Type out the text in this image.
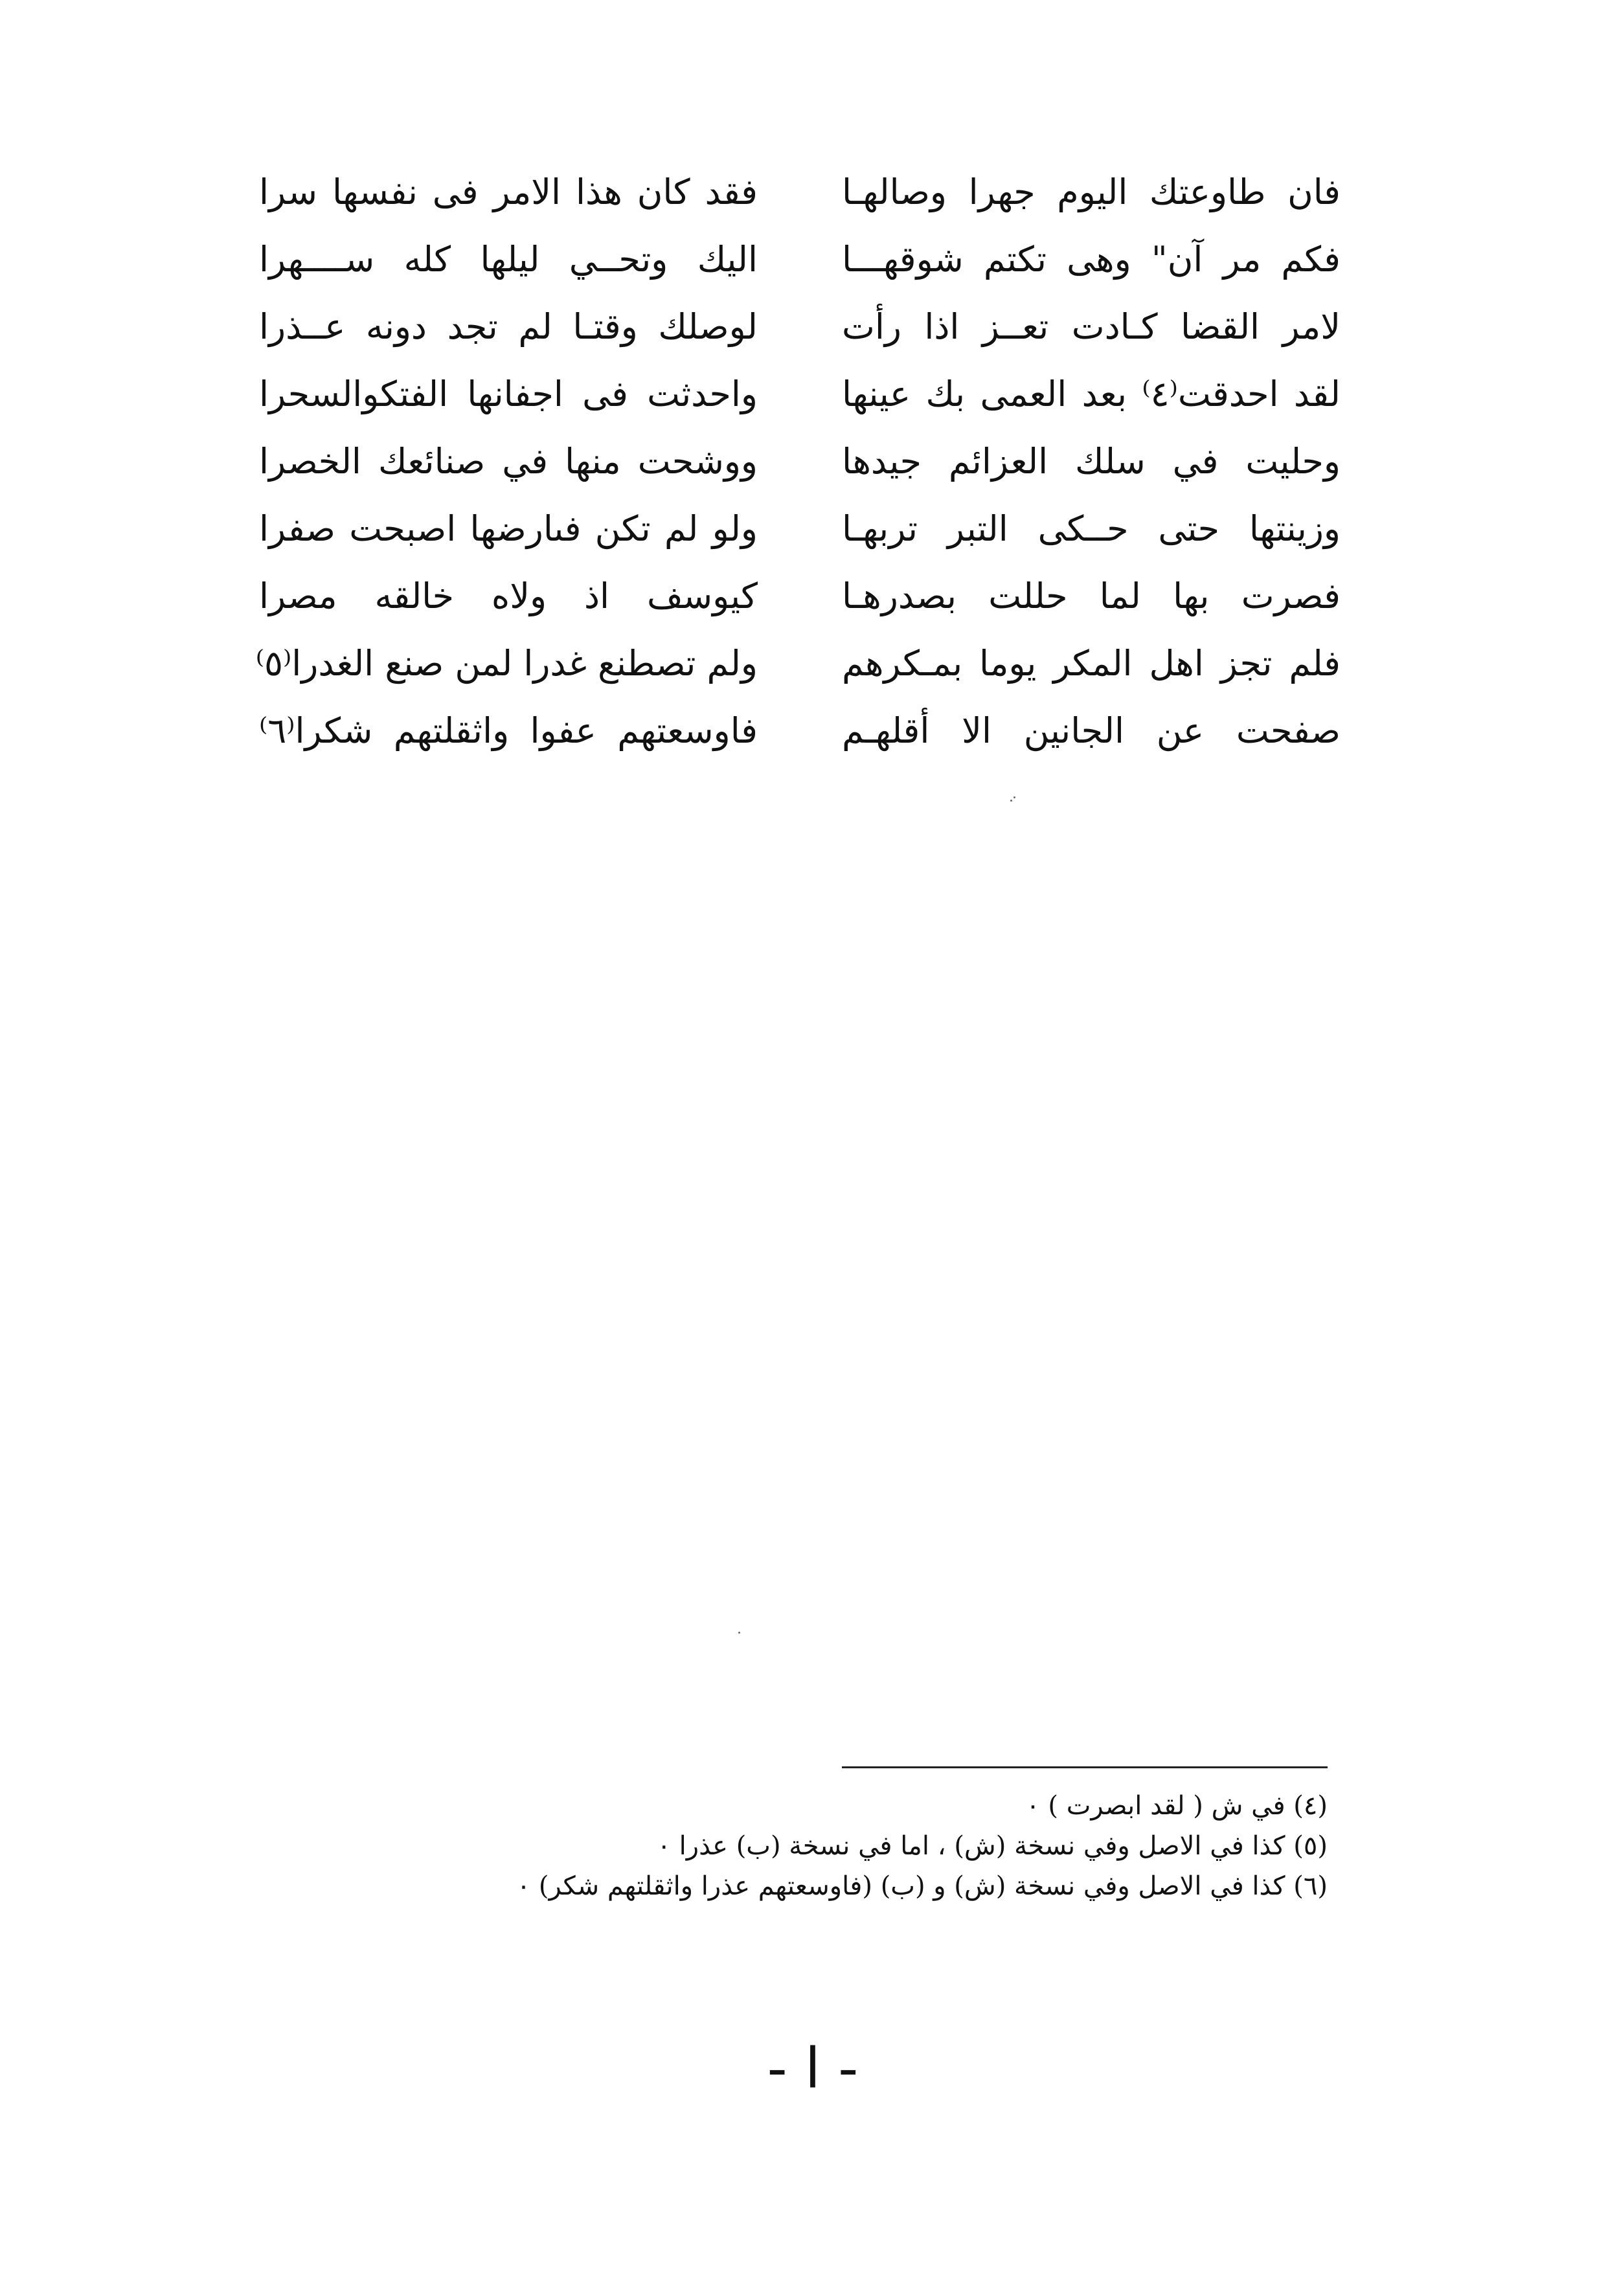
فان طاوعتك اليوم جهرا وصالهـا
فقد كان هذا الامر فى نفسها سرا
فكم مر آن" وهى تكتم شوقهـــا
اليك وتحــي ليلها كله ســــهرا
لامر القضا كـادت تعــز اذا رأت
لوصلك وقتـا لم تجد دونه عــذرا
لقد احدقت⁽٤⁾ بعد العمى بك عينها
واحدثت فى اجفانها الفتكوالسحرا
وحليت في سلك العزائم جيدها
ووشحت منها في صنائعك الخصرا
وزينتها حتى حــكى التبر تربهـا
ولو لم تكن فىارضها اصبحت صفرا
فصرت بها لما حللت بصدرهـا
كيوسف اذ ولاه خالقه مصرا
فلم تجز اهل المكر يوما بمـكرهم
ولم تصطنع غدرا لمن صنع الغدرا⁽٥⁾
صفحت عن الجانين الا أقلهـم
فاوسعتهم عفوا واثقلتهم شكرا⁽٦⁾
(٤) في ش ( لقد ابصرت ) ٠
(٥) كذا في الاصل وفي نسخة (ش) ، اما في نسخة (ب) عذرا ٠
(٦) كذا في الاصل وفي نسخة (ش) و (ب) (فاوسعتهم عذرا واثقلتهم شكر) ٠
- ا -
